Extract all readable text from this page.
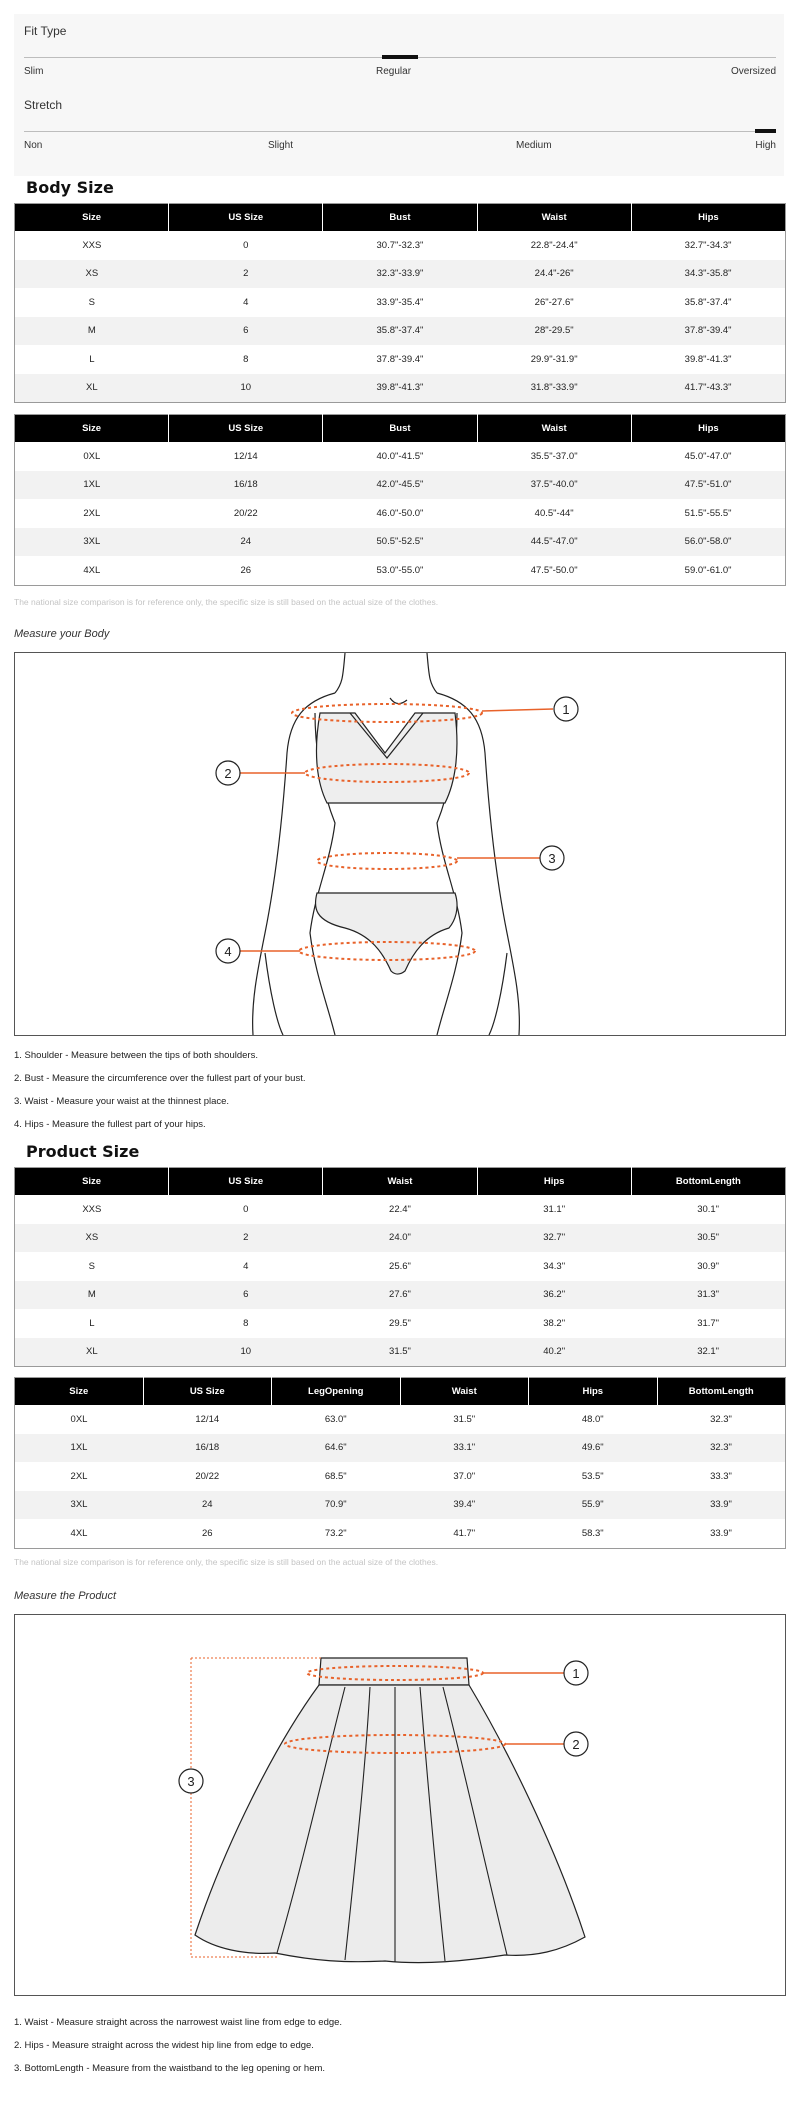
Fit Type
Slim	Regular	Oversized
Stretch
Non	Slight	Medium	High
Body Size
Size	US Size	Bust	Waist	Hips
XXS	0	30.7"-32.3"	22.8"-24.4"	32.7"-34.3"
XS	2	32.3"-33.9"	24.4"-26"	34.3"-35.8"
S	4	33.9"-35.4"	26"-27.6"	35.8"-37.4"
M	6	35.8"-37.4"	28"-29.5"	37.8"-39.4"
L	8	37.8"-39.4"	29.9"-31.9"	39.8"-41.3"
XL	10	39.8"-41.3"	31.8"-33.9"	41.7"-43.3"
Size	US Size	Bust	Waist	Hips
0XL	12/14	40.0"-41.5"	35.5"-37.0"	45.0"-47.0"
1XL	16/18	42.0"-45.5"	37.5"-40.0"	47.5"-51.0"
2XL	20/22	46.0"-50.0"	40.5"-44"	51.5"-55.5"
3XL	24	50.5"-52.5"	44.5"-47.0"	56.0"-58.0"
4XL	26	53.0"-55.0"	47.5"-50.0"	59.0"-61.0"
The national size comparison is for reference only, the specific size is still based on the actual size of the clothes.
Measure your Body
1
2
3
4
1. Shoulder - Measure between the tips of both shoulders.
2. Bust - Measure the circumference over the fullest part of your bust.
3. Waist - Measure your waist at the thinnest place.
4. Hips - Measure the fullest part of your hips.
Product Size
Size	US Size	Waist	Hips	BottomLength
XXS	0	22.4"	31.1"	30.1"
XS	2	24.0"	32.7"	30.5"
S	4	25.6"	34.3"	30.9"
M	6	27.6"	36.2"	31.3"
L	8	29.5"	38.2"	31.7"
XL	10	31.5"	40.2"	32.1"
Size	US Size	LegOpening	Waist	Hips	BottomLength
0XL	12/14	63.0"	31.5"	48.0"	32.3"
1XL	16/18	64.6"	33.1"	49.6"	32.3"
2XL	20/22	68.5"	37.0"	53.5"	33.3"
3XL	24	70.9"	39.4"	55.9"	33.9"
4XL	26	73.2"	41.7"	58.3"	33.9"
The national size comparison is for reference only, the specific size is still based on the actual size of the clothes.
Measure the Product
1
2
3
1. Waist - Measure straight across the narrowest waist line from edge to edge.
2. Hips - Measure straight across the widest hip line from edge to edge.
3. BottomLength - Measure from the waistband to the leg opening or hem.
